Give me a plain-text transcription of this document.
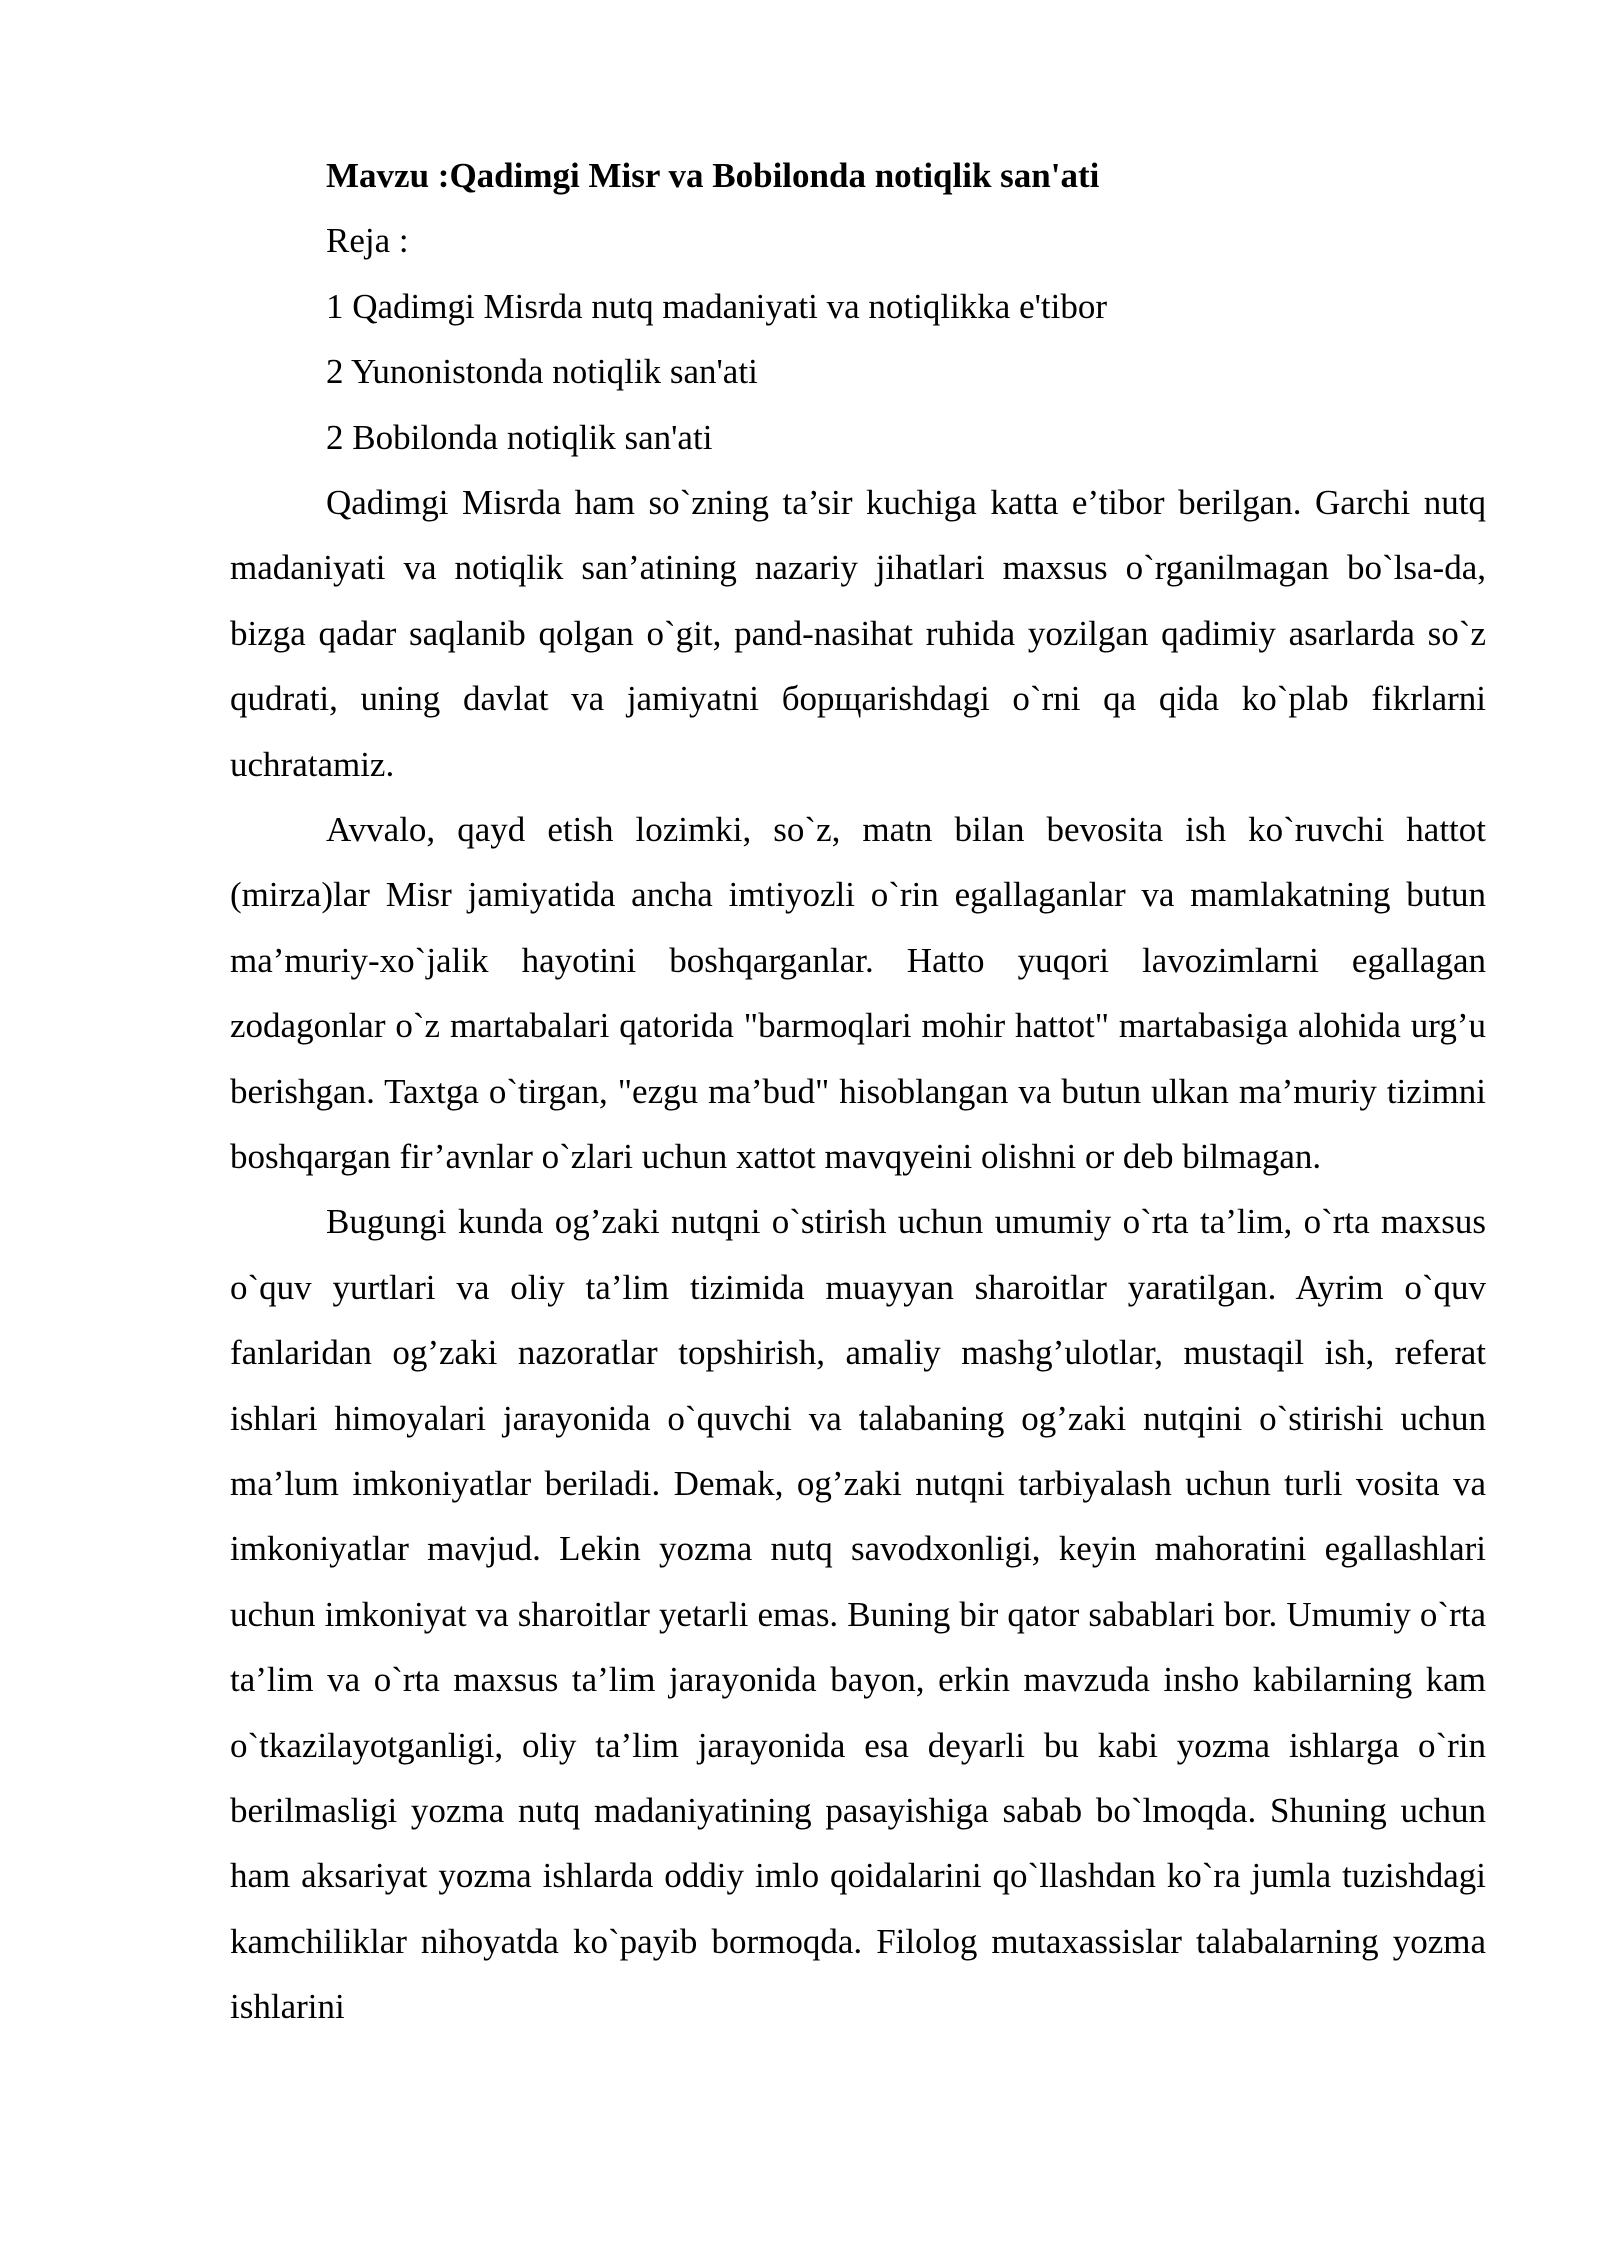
Mavzu :Qadimgi Misr va Bobilonda notiqlik san'ati
Reja :
1 Qadimgi Misrda nutq madaniyati va notiqlikka e'tibor
2 Yunonistonda notiqlik san'ati
2 Bobilonda notiqlik san'ati

Qadimgi Misrda ham so`zning ta’sir kuchiga katta e’tibor berilgan. Garchi nutq madaniyati va notiqlik san’atining nazariy jihatlari maxsus o`rganilmagan bo`lsa-da, bizga qadar saqlanib qolgan o`git, pand-nasihat ruhida yozilgan qadimiy asarlarda so`z qudrati, uning davlat va jamiyatni борщarishdagi o`rni qa qida ko`plab fikrlarni uchratamiz.

Avvalo, qayd etish lozimki, so`z, matn bilan bevosita ish ko`ruvchi hattot (mirza)lar Misr jamiyatida ancha imtiyozli o`rin egallaganlar va mamlakatning butun ma’muriy-xo`jalik hayotini boshqarganlar. Hatto yuqori lavozimlarni egallagan zodagonlar o`z martabalari qatorida "barmoqlari mohir hattot" martabasiga alohida urg’u berishgan. Taxtga o`tirgan, "ezgu ma’bud" hisoblangan va butun ulkan ma’muriy tizimni boshqargan fir’avnlar o`zlari uchun xattot mavqyeini olishni or deb bilmagan.

Bugungi kunda og’zaki nutqni o`stirish uchun umumiy o`rta ta’lim, o`rta maxsus o`quv yurtlari va oliy ta’lim tizimida muayyan sharoitlar yaratilgan. Ayrim o`quv fanlaridan og’zaki nazoratlar topshirish, amaliy mashg’ulotlar, mustaqil ish, referat ishlari himoyalari jarayonida o`quvchi va talabaning og’zaki nutqini o`stirishi uchun ma’lum imkoniyatlar beriladi. Demak, og’zaki nutqni tarbiyalash uchun turli vosita va imkoniyatlar mavjud. Lekin yozma nutq savodxonligi, keyin mahoratini egallashlari uchun imkoniyat va sharoitlar yetarli emas. Buning bir qator sabablari bor. Umumiy o`rta ta’lim va o`rta maxsus ta’lim jarayonida bayon, erkin mavzuda insho kabilarning kam o`tkazilayotganligi, oliy ta’lim jarayonida esa deyarli bu kabi yozma ishlarga o`rin berilmasligi yozma nutq madaniyatining pasayishiga sabab bo`lmoqda. Shuning uchun ham aksariyat yozma ishlarda oddiy imlo qoidalarini qo`llashdan ko`ra jumla tuzishdagi kamchiliklar nihoyatda ko`payib bormoqda. Filolog mutaxassislar talabalarning yozma ishlarini
